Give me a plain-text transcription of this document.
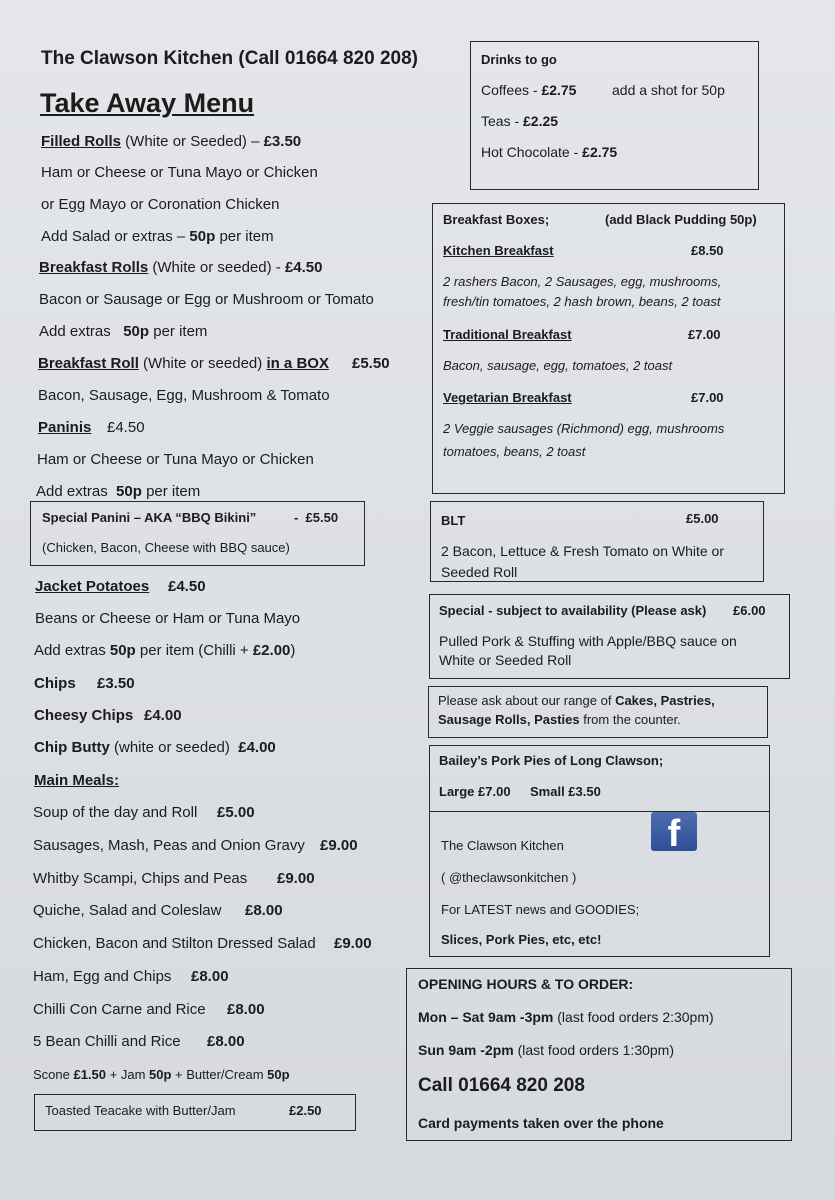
The Clawson Kitchen (Call 01664 820 208)
Take Away Menu
Filled Rolls (White or Seeded) – £3.50
Ham or Cheese or Tuna Mayo or Chicken
or Egg Mayo or Coronation Chicken
Add Salad or extras – 50p per item
Breakfast Rolls (White or seeded) - £4.50
Bacon or Sausage or Egg or Mushroom or Tomato
Add extras   50p per item
Breakfast Roll (White or seeded) in a BOX £5.50
Bacon, Sausage, Egg, Mushroom & Tomato
Paninis £4.50
Ham or Cheese or Tuna Mayo or Chicken
Add extras  50p per item
Special Panini – AKA “BBQ Bikini”	-  £5.50
(Chicken, Bacon, Cheese with BBQ sauce)
Jacket Potatoes £4.50
Beans or Cheese or Ham or Tuna Mayo
Add extras 50p per item (Chilli + £2.00)
Chips £3.50
Cheesy Chips £4.00
Chip Butty (white or seeded)  £4.00
Main Meals:
Soup of the day and Roll £5.00
Sausages, Mash, Peas and Onion Gravy £9.00
Whitby Scampi, Chips and Peas £9.00
Quiche, Salad and Coleslaw £8.00
Chicken, Bacon and Stilton Dressed Salad £9.00
Ham, Egg and Chips £8.00
Chilli Con Carne and Rice £8.00
5 Bean Chilli and Rice £8.00
Scone £1.50 + Jam 50p + Butter/Cream 50p
Toasted Teacake with Butter/Jam	£2.50
Drinks to go
Coffees - £2.75	add a shot for 50p
Teas - £2.25
Hot Chocolate - £2.75
Breakfast Boxes;	(add Black Pudding 50p)
Kitchen Breakfast	£8.50
2 rashers Bacon, 2 Sausages, egg, mushrooms,
fresh/tin tomatoes, 2 hash brown, beans, 2 toast
Traditional Breakfast	£7.00
Bacon, sausage, egg, tomatoes, 2 toast
Vegetarian Breakfast	£7.00
2 Veggie sausages (Richmond) egg, mushrooms
tomatoes, beans, 2 toast
BLT	£5.00
2 Bacon, Lettuce & Fresh Tomato on White or
Seeded Roll
Special - subject to availability (Please ask) £6.00
Pulled Pork & Stuffing with Apple/BBQ sauce on
White or Seeded Roll
Please ask about our range of Cakes, Pastries,
Sausage Rolls, Pasties from the counter.
Bailey’s Pork Pies of Long Clawson;
Large £7.00 Small £3.50
The Clawson Kitchen
( @theclawsonkitchen )
For LATEST news and GOODIES;
Slices, Pork Pies, etc, etc!
f
OPENING HOURS & TO ORDER:
Mon – Sat 9am -3pm (last food orders 2:30pm)
Sun 9am -2pm (last food orders 1:30pm)
Call 01664 820 208
Card payments taken over the phone
